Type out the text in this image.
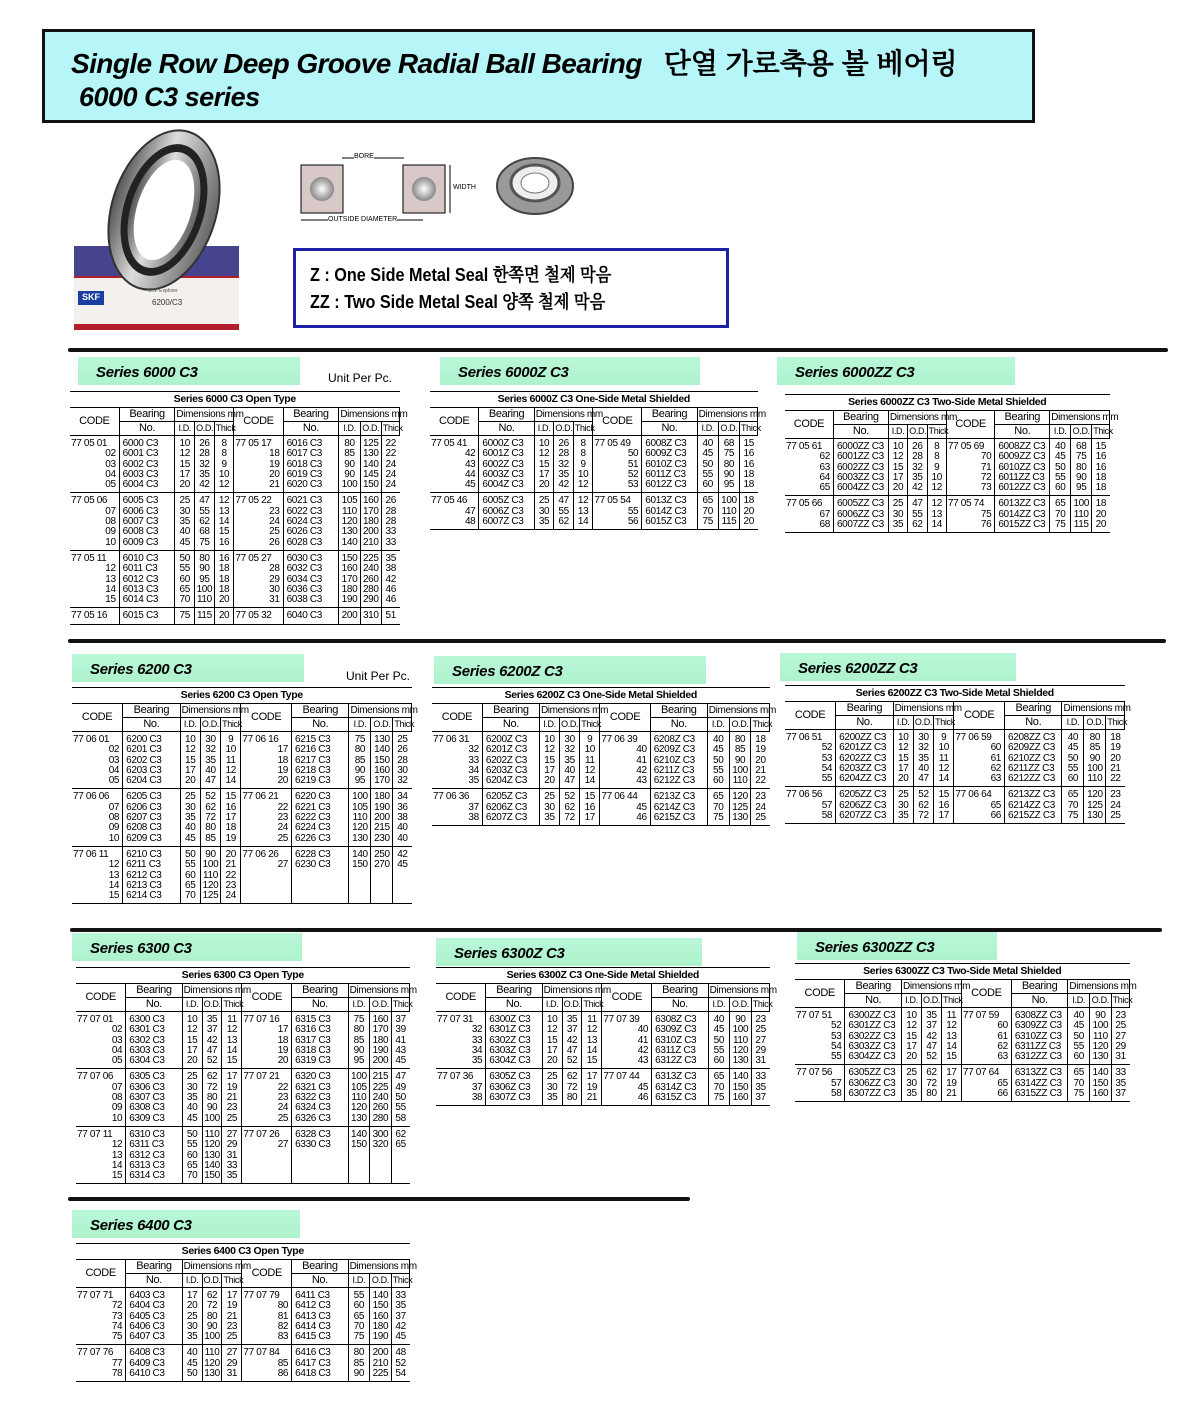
Single Row Deep Groove Radial Ball Bearing 단열 가로축용 볼 베어링
6000 C3 series
SKF
SKF Explorer
6200/C3
BORE
WIDTH
OUTSIDE DIAMETER
Z : One Side Metal Seal 한쪽면 철제 막음
ZZ : Two Side Metal Seal 양쪽 철제 막음
Series 6000 C3	Unit Per Pc.	Series 6000Z C3	Series 6000ZZ C3
Series 6200 C3	Unit Per Pc.	Series 6200Z C3	Series 6200ZZ C3
Series 6300 C3	Series 6300Z C3	Series 6300ZZ C3
Series 6400 C3
Series 6000 C3 Open Type									
CODE	Bearing	Dimensions mm			CODE	Bearing	Dimensions mm		
	No.	I.D.	O.D.	Thick		No.	I.D.	O.D.	Thick
77 05 01	6000 C3	10	26	8	77 05 17	6016 C3	80	125	22
02	6001 C3	12	28	8	18	6017 C3	85	130	22
03	6002 C3	15	32	9	19	6018 C3	90	140	24
04	6003 C3	17	35	10	20	6019 C3	90	145	24
05	6004 C3	20	42	12	21	6020 C3	100	150	24
77 05 06	6005 C3	25	47	12	77 05 22	6021 C3	105	160	26
07	6006 C3	30	55	13	23	6022 C3	110	170	28
08	6007 C3	35	62	14	24	6024 C3	120	180	28
09	6008 C3	40	68	15	25	6026 C3	130	200	33
10	6009 C3	45	75	16	26	6028 C3	140	210	33
77 05 11	6010 C3	50	80	16	77 05 27	6030 C3	150	225	35
12	6011 C3	55	90	18	28	6032 C3	160	240	38
13	6012 C3	60	95	18	29	6034 C3	170	260	42
14	6013 C3	65	100	18	30	6036 C3	180	280	46
15	6014 C3	70	110	20	31	6038 C3	190	290	46
77 05 16	6015 C3	75	115	20	77 05 32	6040 C3	200	310	51
Series 6000Z C3 One-Side Metal Shielded									
CODE	Bearing	Dimensions mm			CODE	Bearing	Dimensions mm		
	No.	I.D.	O.D.	Thick		No.	I.D.	O.D.	Thick
77 05 41	6000Z C3	10	26	8	77 05 49	6008Z C3	40	68	15
42	6001Z C3	12	28	8	50	6009Z C3	45	75	16
43	6002Z C3	15	32	9	51	6010Z C3	50	80	16
44	6003Z C3	17	35	10	52	6011Z C3	55	90	18
45	6004Z C3	20	42	12	53	6012Z C3	60	95	18
77 05 46	6005Z C3	25	47	12	77 05 54	6013Z C3	65	100	18
47	6006Z C3	30	55	13	55	6014Z C3	70	110	20
48	6007Z C3	35	62	14	56	6015Z C3	75	115	20
Series 6000ZZ C3 Two-Side Metal Shielded									
CODE	Bearing	Dimensions mm			CODE	Bearing	Dimensions mm		
	No.	I.D.	O.D.	Thick		No.	I.D.	O.D.	Thick
77 05 61	6000ZZ C3	10	26	8	77 05 69	6008ZZ C3	40	68	15
62	6001ZZ C3	12	28	8	70	6009ZZ C3	45	75	16
63	6002ZZ C3	15	32	9	71	6010ZZ C3	50	80	16
64	6003ZZ C3	17	35	10	72	6011ZZ C3	55	90	18
65	6004ZZ C3	20	42	12	73	6012ZZ C3	60	95	18
77 05 66	6005ZZ C3	25	47	12	77 05 74	6013ZZ C3	65	100	18
67	6006ZZ C3	30	55	13	75	6014ZZ C3	70	110	20
68	6007ZZ C3	35	62	14	76	6015ZZ C3	75	115	20
Series 6200 C3 Open Type									
CODE	Bearing	Dimensions mm			CODE	Bearing	Dimensions mm		
	No.	I.D.	O.D.	Thick		No.	I.D.	O.D.	Thick
77 06 01	6200 C3	10	30	9	77 06 16	6215 C3	75	130	25
02	6201 C3	12	32	10	17	6216 C3	80	140	26
03	6202 C3	15	35	11	18	6217 C3	85	150	28
04	6203 C3	17	40	12	19	6218 C3	90	160	30
05	6204 C3	20	47	14	20	6219 C3	95	170	32
77 06 06	6205 C3	25	52	15	77 06 21	6220 C3	100	180	34
07	6206 C3	30	62	16	22	6221 C3	105	190	36
08	6207 C3	35	72	17	23	6222 C3	110	200	38
09	6208 C3	40	80	18	24	6224 C3	120	215	40
10	6209 C3	45	85	19	25	6226 C3	130	230	40
77 06 11	6210 C3	50	90	20	77 06 26	6228 C3	140	250	42
12	6211 C3	55	100	21	27	6230 C3	150	270	45
13	6212 C3	60	110	22					
14	6213 C3	65	120	23					
15	6214 C3	70	125	24					
Series 6200Z C3 One-Side Metal Shielded									
CODE	Bearing	Dimensions mm			CODE	Bearing	Dimensions mm		
	No.	I.D.	O.D.	Thick		No.	I.D.	O.D.	Thick
77 06 31	6200Z C3	10	30	9	77 06 39	6208Z C3	40	80	18
32	6201Z C3	12	32	10	40	6209Z C3	45	85	19
33	6202Z C3	15	35	11	41	6210Z C3	50	90	20
34	6203Z C3	17	40	12	42	6211Z C3	55	100	21
35	6204Z C3	20	47	14	43	6212Z C3	60	110	22
77 06 36	6205Z C3	25	52	15	77 06 44	6213Z C3	65	120	23
37	6206Z C3	30	62	16	45	6214Z C3	70	125	24
38	6207Z C3	35	72	17	46	6215Z C3	75	130	25
Series 6200ZZ C3 Two-Side Metal Shielded									
CODE	Bearing	Dimensions mm			CODE	Bearing	Dimensions mm		
	No.	I.D.	O.D.	Thick		No.	I.D.	O.D.	Thick
77 06 51	6200ZZ C3	10	30	9	77 06 59	6208ZZ C3	40	80	18
52	6201ZZ C3	12	32	10	60	6209ZZ C3	45	85	19
53	6202ZZ C3	15	35	11	61	6210ZZ C3	50	90	20
54	6203ZZ C3	17	40	12	62	6211ZZ C3	55	100	21
55	6204ZZ C3	20	47	14	63	6212ZZ C3	60	110	22
77 06 56	6205ZZ C3	25	52	15	77 06 64	6213ZZ C3	65	120	23
57	6206ZZ C3	30	62	16	65	6214ZZ C3	70	125	24
58	6207ZZ C3	35	72	17	66	6215ZZ C3	75	130	25
Series 6300 C3 Open Type									
CODE	Bearing	Dimensions mm			CODE	Bearing	Dimensions mm		
	No.	I.D.	O.D.	Thick		No.	I.D.	O.D.	Thick
77 07 01	6300 C3	10	35	11	77 07 16	6315 C3	75	160	37
02	6301 C3	12	37	12	17	6316 C3	80	170	39
03	6302 C3	15	42	13	18	6317 C3	85	180	41
04	6303 C3	17	47	14	19	6318 C3	90	190	43
05	6304 C3	20	52	15	20	6319 C3	95	200	45
77 07 06	6305 C3	25	62	17	77 07 21	6320 C3	100	215	47
07	6306 C3	30	72	19	22	6321 C3	105	225	49
08	6307 C3	35	80	21	23	6322 C3	110	240	50
09	6308 C3	40	90	23	24	6324 C3	120	260	55
10	6309 C3	45	100	25	25	6326 C3	130	280	58
77 07 11	6310 C3	50	110	27	77 07 26	6328 C3	140	300	62
12	6311 C3	55	120	29	27	6330 C3	150	320	65
13	6312 C3	60	130	31					
14	6313 C3	65	140	33					
15	6314 C3	70	150	35					
Series 6300Z C3 One-Side Metal Shielded									
CODE	Bearing	Dimensions mm			CODE	Bearing	Dimensions mm		
	No.	I.D.	O.D.	Thick		No.	I.D.	O.D.	Thick
77 07 31	6300Z C3	10	35	11	77 07 39	6308Z C3	40	90	23
32	6301Z C3	12	37	12	40	6309Z C3	45	100	25
33	6302Z C3	15	42	13	41	6310Z C3	50	110	27
34	6303Z C3	17	47	14	42	6311Z C3	55	120	29
35	6304Z C3	20	52	15	43	6312Z C3	60	130	31
77 07 36	6305Z C3	25	62	17	77 07 44	6313Z C3	65	140	33
37	6306Z C3	30	72	19	45	6314Z C3	70	150	35
38	6307Z C3	35	80	21	46	6315Z C3	75	160	37
Series 6300ZZ C3 Two-Side Metal Shielded									
CODE	Bearing	Dimensions mm			CODE	Bearing	Dimensions mm		
	No.	I.D.	O.D.	Thick		No.	I.D.	O.D.	Thick
77 07 51	6300ZZ C3	10	35	11	77 07 59	6308ZZ C3	40	90	23
52	6301ZZ C3	12	37	12	60	6309ZZ C3	45	100	25
53	6302ZZ C3	15	42	13	61	6310ZZ C3	50	110	27
54	6303ZZ C3	17	47	14	62	6311ZZ C3	55	120	29
55	6304ZZ C3	20	52	15	63	6312ZZ C3	60	130	31
77 07 56	6305ZZ C3	25	62	17	77 07 64	6313ZZ C3	65	140	33
57	6306ZZ C3	30	72	19	65	6314ZZ C3	70	150	35
58	6307ZZ C3	35	80	21	66	6315ZZ C3	75	160	37
Series 6400 C3 Open Type									
CODE	Bearing	Dimensions mm			CODE	Bearing	Dimensions mm		
	No.	I.D.	O.D.	Thick		No.	I.D.	O.D.	Thick
77 07 71	6403 C3	17	62	17	77 07 79	6411 C3	55	140	33
72	6404 C3	20	72	19	80	6412 C3	60	150	35
73	6405 C3	25	80	21	81	6413 C3	65	160	37
74	6406 C3	30	90	23	82	6414 C3	70	180	42
75	6407 C3	35	100	25	83	6415 C3	75	190	45
77 07 76	6408 C3	40	110	27	77 07 84	6416 C3	80	200	48
77	6409 C3	45	120	29	85	6417 C3	85	210	52
78	6410 C3	50	130	31	86	6418 C3	90	225	54
